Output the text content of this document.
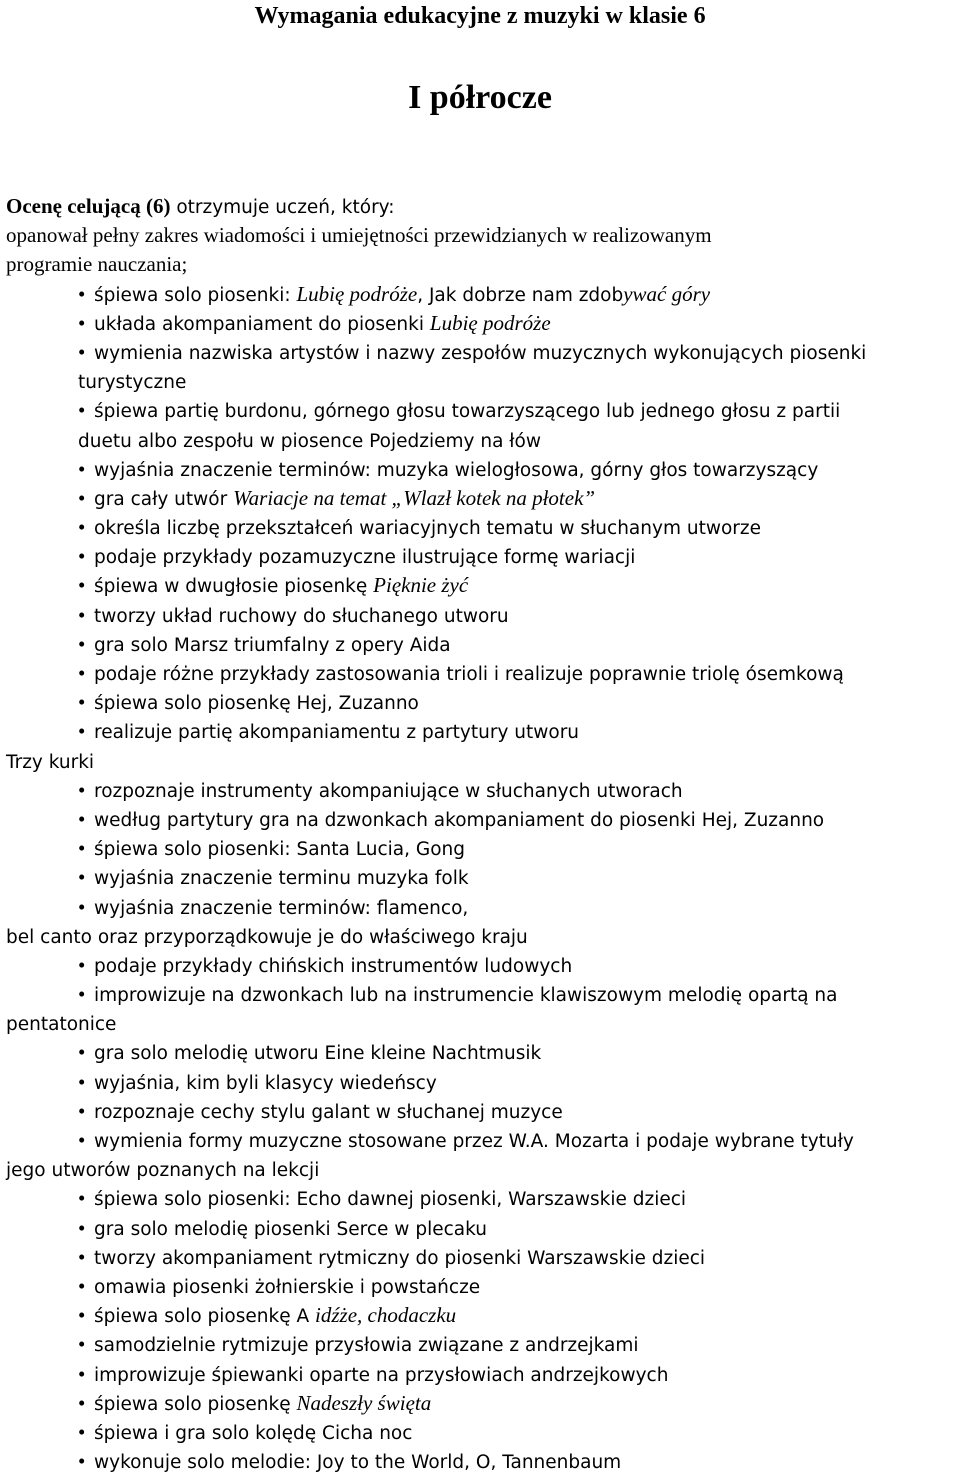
Wymagania edukacyjne z muzyki w klasie 6
I półrocze
Ocenę celującą (6) otrzymuje uczeń, który:
opanował pełny zakres wiadomości i umiejętności przewidzianych w realizowanym
programie nauczania;
• śpiewa solo piosenki: Lubię podróże, Jak dobrze nam zdobywać góry
• układa akompaniament do piosenki Lubię podróże
• wymienia nazwiska artystów i nazwy zespołów muzycznych wykonujących piosenki
turystyczne
• śpiewa partię burdonu, górnego głosu towarzyszącego lub jednego głosu z partii
duetu albo zespołu w piosence Pojedziemy na łów
• wyjaśnia znaczenie terminów: muzyka wielogłosowa, górny głos towarzyszący
• gra cały utwór Wariacje na temat „Wlazł kotek na płotek”
• określa liczbę przekształceń wariacyjnych tematu w słuchanym utworze
• podaje przykłady pozamuzyczne ilustrujące formę wariacji
• śpiewa w dwugłosie piosenkę Pięknie żyć
• tworzy układ ruchowy do słuchanego utworu
• gra solo Marsz triumfalny z opery Aida
• podaje różne przykłady zastosowania trioli i realizuje poprawnie triolę ósemkową
• śpiewa solo piosenkę Hej, Zuzanno
• realizuje partię akompaniamentu z partytury utworu
Trzy kurki
• rozpoznaje instrumenty akompaniujące w słuchanych utworach
• według partytury gra na dzwonkach akompaniament do piosenki Hej, Zuzanno
• śpiewa solo piosenki: Santa Lucia, Gong
• wyjaśnia znaczenie terminu muzyka folk
• wyjaśnia znaczenie terminów: flamenco,
bel canto oraz przyporządkowuje je do właściwego kraju
• podaje przykłady chińskich instrumentów ludowych
• improwizuje na dzwonkach lub na instrumencie klawiszowym melodię opartą na
pentatonice
• gra solo melodię utworu Eine kleine Nachtmusik
• wyjaśnia, kim byli klasycy wiedeńscy
• rozpoznaje cechy stylu galant w słuchanej muzyce
• wymienia formy muzyczne stosowane przez W.A. Mozarta i podaje wybrane tytuły
jego utworów poznanych na lekcji
• śpiewa solo piosenki: Echo dawnej piosenki, Warszawskie dzieci
• gra solo melodię piosenki Serce w plecaku
• tworzy akompaniament rytmiczny do piosenki Warszawskie dzieci
• omawia piosenki żołnierskie i powstańcze
• śpiewa solo piosenkę A idźże, chodaczku
• samodzielnie rytmizuje przysłowia związane z andrzejkami
• improwizuje śpiewanki oparte na przysłowiach andrzejkowych
• śpiewa solo piosenkę Nadeszły święta
• śpiewa i gra solo kolędę Cicha noc
• wykonuje solo melodie: Joy to the World, O, Tannenbaum
